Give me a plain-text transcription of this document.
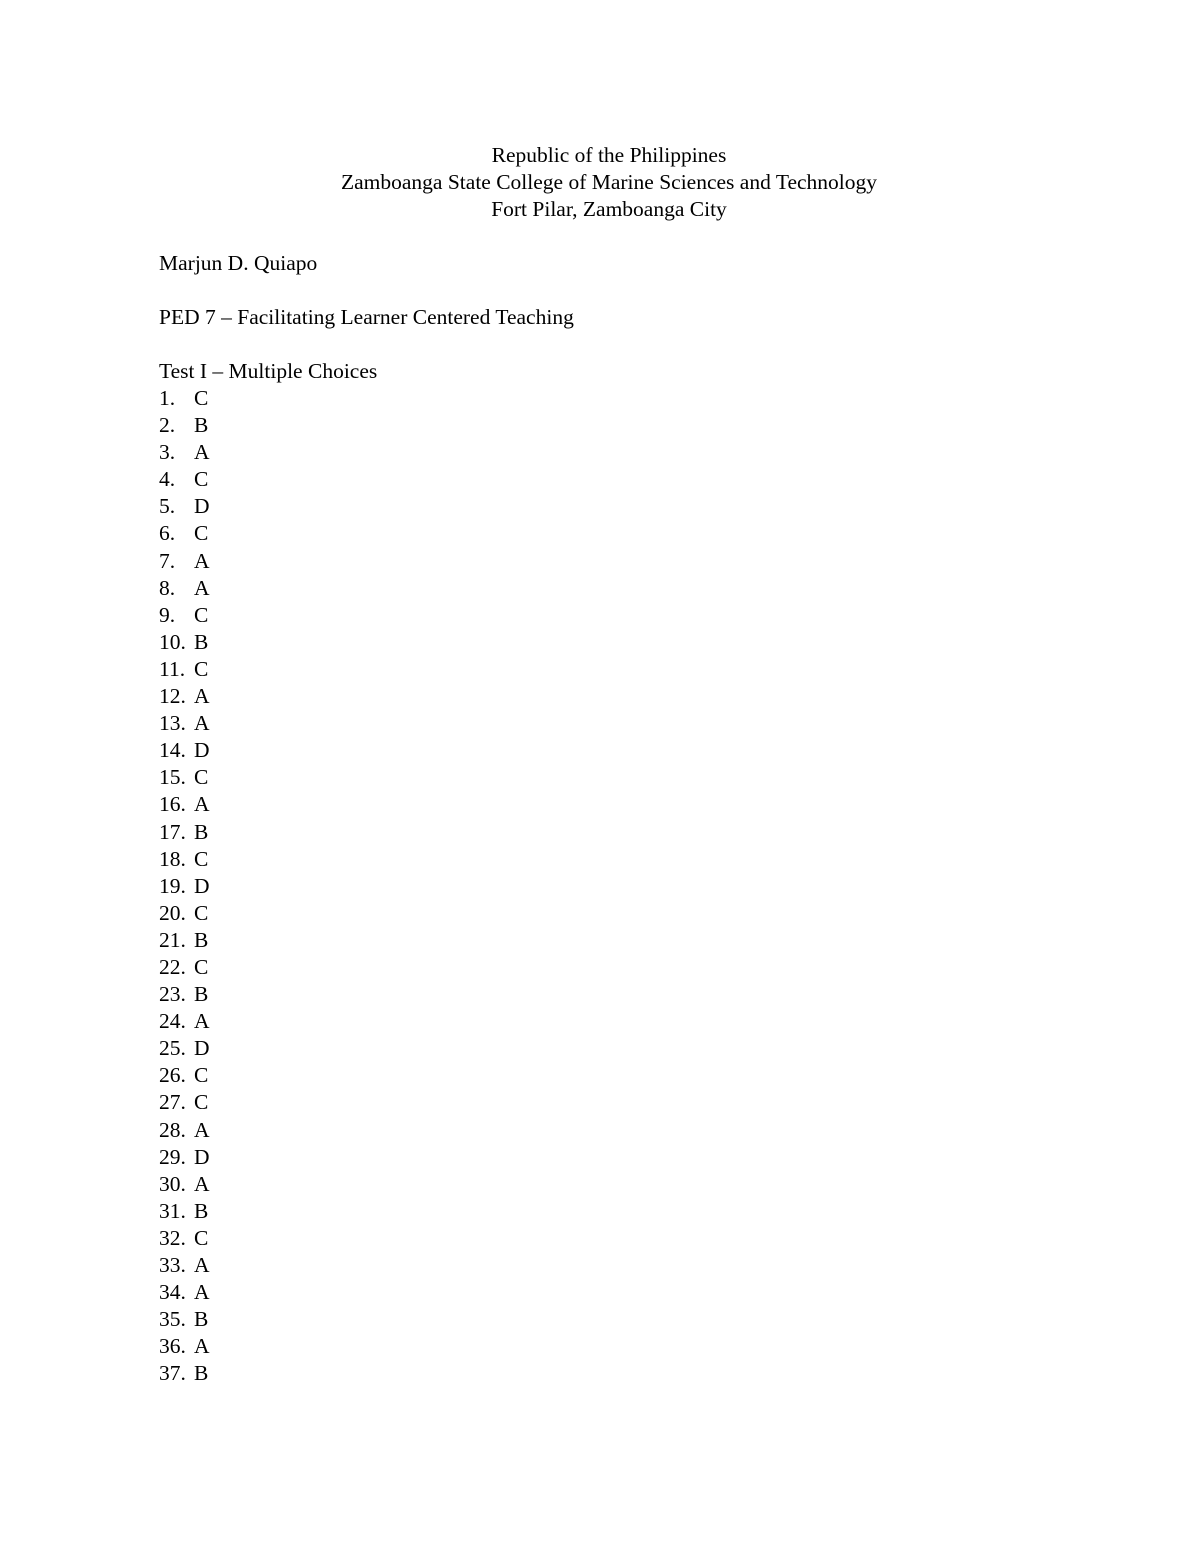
Republic of the Philippines
Zamboanga State College of Marine Sciences and Technology
Fort Pilar, Zamboanga City
Marjun D. Quiapo
PED 7 – Facilitating Learner Centered Teaching
Test I – Multiple Choices
1. C
2. B
3. A
4. C
5. D
6. C
7. A
8. A
9. C
10. B
11. C
12. A
13. A
14. D
15. C
16. A
17. B
18. C
19. D
20. C
21. B
22. C
23. B
24. A
25. D
26. C
27. C
28. A
29. D
30. A
31. B
32. C
33. A
34. A
35. B
36. A
37. B
